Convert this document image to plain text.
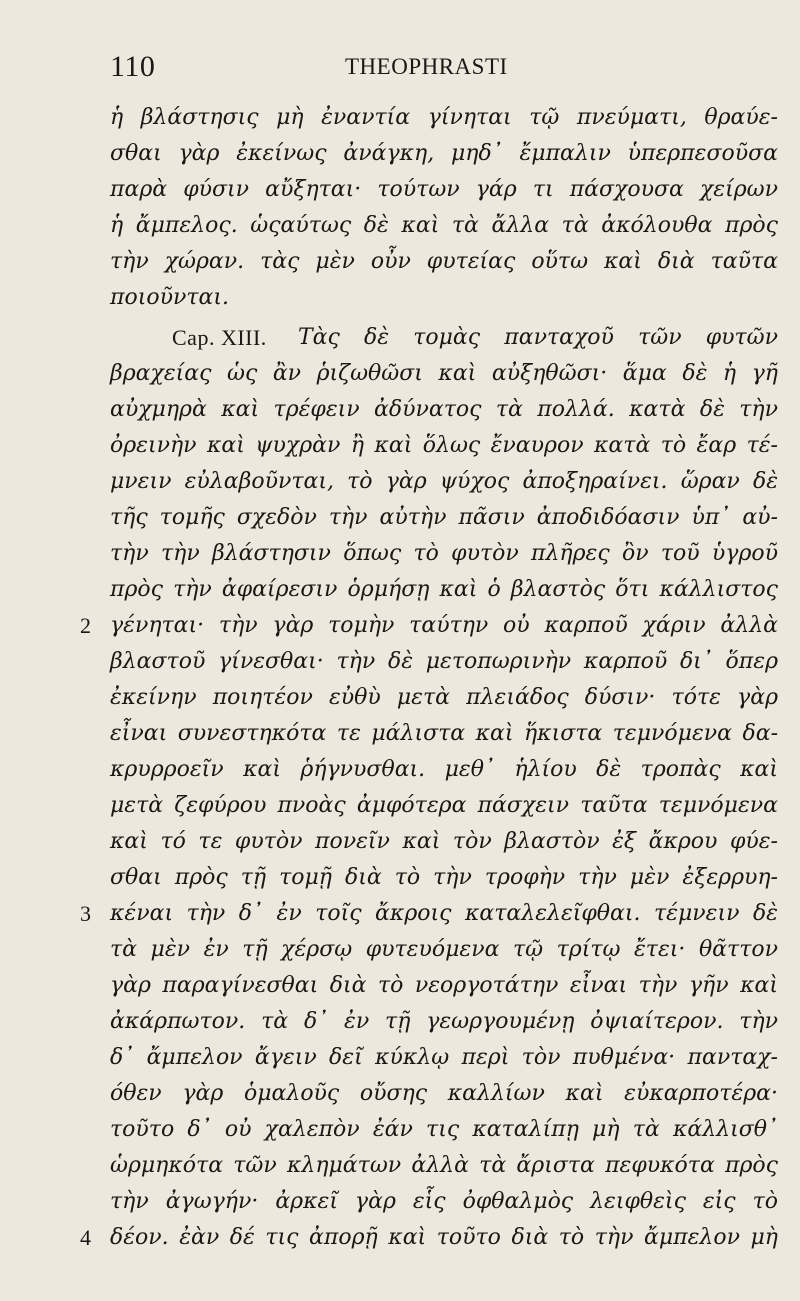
110	THEOPHRASTI
ἡ βλάστησις μὴ ἐναντία γίνηται τῷ πνεύματι, θραύε-
σθαι γὰρ ἐκείνως ἀνάγκη, μηδ᾿ ἔμπαλιν ὑπερπεσοῦσα
παρὰ φύσιν αὔξηται· τούτων γάρ τι πάσχουσα χείρων
ἡ ἄμπελος. ὡςαύτως δὲ καὶ τὰ ἄλλα τὰ ἀκόλουθα πρὸς
τὴν χώραν. τὰς μὲν οὖν φυτείας οὕτω καὶ διὰ ταῦτα
ποιοῦνται.
Cap. XIII. Τὰς δὲ τομὰς πανταχοῦ τῶν φυτῶν
βραχείας ὡς ἂν ῥιζωθῶσι καὶ αὐξηθῶσι· ἅμα δὲ ἡ γῆ
αὐχμηρὰ καὶ τρέφειν ἀδύνατος τὰ πολλά. κατὰ δὲ τὴν
ὀρεινὴν καὶ ψυχρὰν ἢ καὶ ὅλως ἔναυρον κατὰ τὸ ἔαρ τέ-
μνειν εὐλαβοῦνται, τὸ γὰρ ψύχος ἀποξηραίνει. ὥραν δὲ
τῆς τομῆς σχεδὸν τὴν αὐτὴν πᾶσιν ἀποδιδόασιν ὑπ᾿ αὐ-
τὴν τὴν βλάστησιν ὅπως τὸ φυτὸν πλῆρες ὂν τοῦ ὑγροῦ
πρὸς τὴν ἀφαίρεσιν ὁρμήσῃ καὶ ὁ βλαστὸς ὅτι κάλλιστος
2 γένηται· τὴν γὰρ τομὴν ταύτην οὐ καρποῦ χάριν ἀλλὰ
βλαστοῦ γίνεσθαι· τὴν δὲ μετοπωρινὴν καρποῦ δι᾿ ὅπερ
ἐκείνην ποιητέον εὐθὺ μετὰ πλειάδος δύσιν· τότε γὰρ
εἶναι συνεστηκότα τε μάλιστα καὶ ἥκιστα τεμνόμενα δα-
κρυρροεῖν καὶ ῥήγνυσθαι. μεθ᾿ ἡλίου δὲ τροπὰς καὶ
μετὰ ζεφύρου πνοὰς ἀμφότερα πάσχειν ταῦτα τεμνόμενα
καὶ τό τε φυτὸν πονεῖν καὶ τὸν βλαστὸν ἐξ ἄκρου φύε-
σθαι πρὸς τῇ τομῇ διὰ τὸ τὴν τροφὴν τὴν μὲν ἐξερρυη-
3 κέναι τὴν δ᾿ ἐν τοῖς ἄκροις καταλελεῖφθαι. τέμνειν δὲ
τὰ μὲν ἐν τῇ χέρσῳ φυτευόμενα τῷ τρίτῳ ἔτει· θᾶττον
γὰρ παραγίνεσθαι διὰ τὸ νεοργοτάτην εἶναι τὴν γῆν καὶ
ἀκάρπωτον. τὰ δ᾿ ἐν τῇ γεωργουμένῃ ὀψιαίτερον. τὴν
δ᾿ ἄμπελον ἄγειν δεῖ κύκλῳ περὶ τὸν πυθμένα· πανταχ-
όθεν γὰρ ὁμαλοῦς οὔσης καλλίων καὶ εὐκαρποτέρα·
τοῦτο δ᾿ οὐ χαλεπὸν ἐάν τις καταλίπῃ μὴ τὰ κάλλισθ᾿
ὡρμηκότα τῶν κλημάτων ἀλλὰ τὰ ἄριστα πεφυκότα πρὸς
τὴν ἀγωγήν· ἀρκεῖ γὰρ εἷς ὀφθαλμὸς λειφθεὶς εἰς τὸ
4 δέον. ἐὰν δέ τις ἀπορῇ καὶ τοῦτο διὰ τὸ τὴν ἄμπελον μὴ
